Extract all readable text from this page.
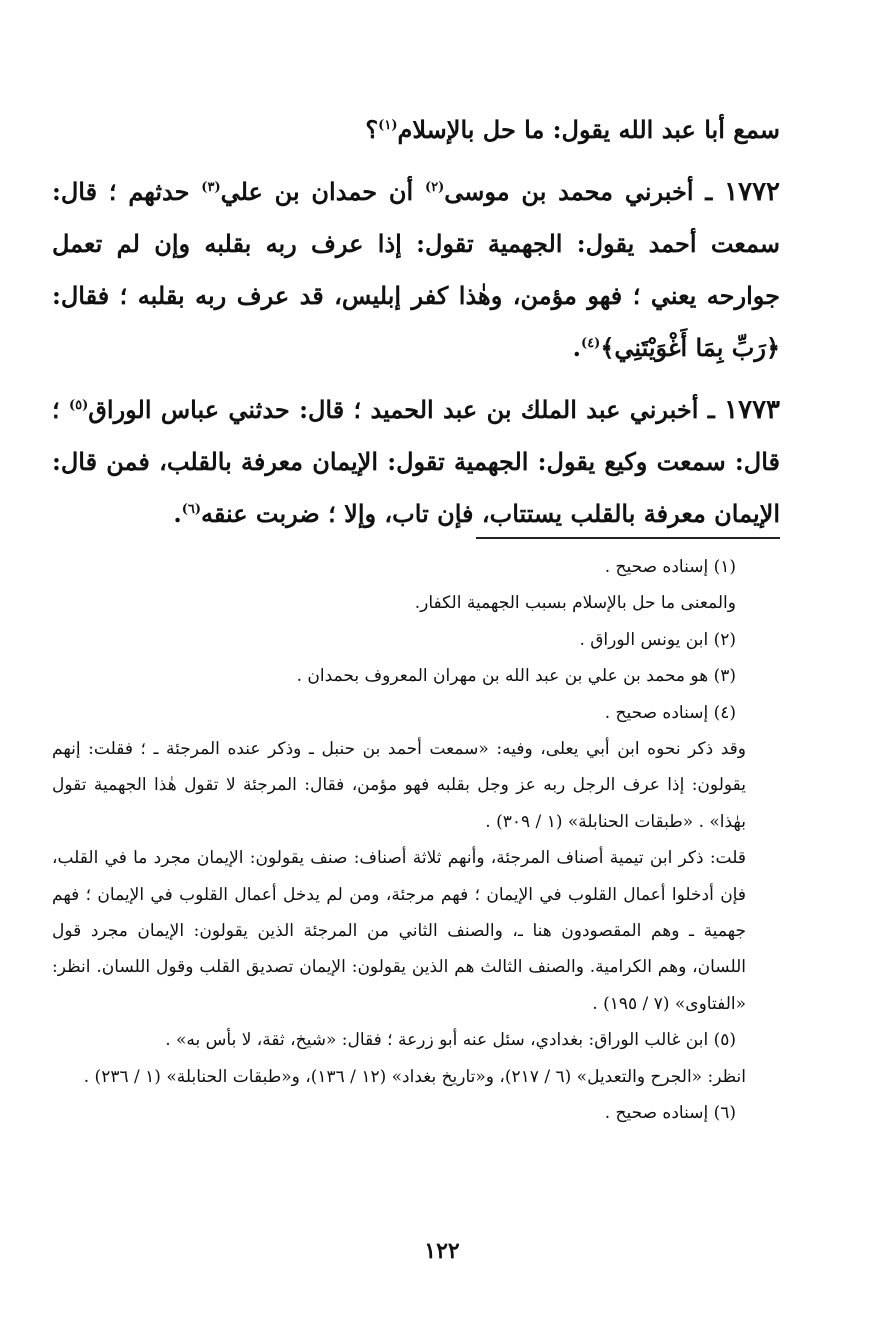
سمع أبا عبد الله يقول: ما حل بالإسلام$^{(١)}$؟

١٧٧٢ ـ أخبرني محمد بن موسى$^{(٢)}$ أن حمدان بن علي$^{(٣)}$ حدثهم ؛ قال: سمعت أحمد يقول: الجهمية تقول: إذا عرف ربه بقلبه وإن لم تعمل جوارحه يعني ؛ فهو مؤمن، وهٰذا كفر إبليس، قد عرف ربه بقلبه ؛ فقال: ﴿رَبِّ بِمَا أَغْوَيْتَنِي﴾$^{(٤)}$.

١٧٧٣ ـ أخبرني عبد الملك بن عبد الحميد ؛ قال: حدثني عباس الوراق$^{(٥)}$ ؛ قال: سمعت وكيع يقول: الجهمية تقول: الإيمان معرفة بالقلب، فمن قال: الإيمان معرفة بالقلب يستتاب، فإن تاب، وإلا ؛ ضربت عنقه$^{(٦)}$.

(١) إسناده صحيح .

والمعنى ما حل بالإسلام بسبب الجهمية الكفار.

(٢) ابن يونس الوراق .

(٣) هو محمد بن علي بن عبد الله بن مهران المعروف بحمدان .

(٤) إسناده صحيح .

وقد ذكر نحوه ابن أبي يعلى، وفيه: «سمعت أحمد بن حنبل ـ وذكر عنده المرجئة ـ ؛ فقلت: إنهم يقولون: إذا عرف الرجل ربه عز وجل بقلبه فهو مؤمن، فقال: المرجئة لا تقول هٰذا الجهمية تقول بهٰذا» . «طبقات الحنابلة» (١ / ٣٠٩) .

قلت: ذكر ابن تيمية أصناف المرجئة، وأنهم ثلاثة أصناف: صنف يقولون: الإيمان مجرد ما في القلب، فإن أدخلوا أعمال القلوب في الإيمان ؛ فهم مرجئة، ومن لم يدخل أعمال القلوب في الإيمان ؛ فهم جهمية ـ وهم المقصودون هنا ـ، والصنف الثاني من المرجئة الذين يقولون: الإيمان مجرد قول اللسان، وهم الكرامية. والصنف الثالث هم الذين يقولون: الإيمان تصديق القلب وقول اللسان. انظر: «الفتاوى» (٧ / ١٩٥) .

(٥) ابن غالب الوراق: بغدادي، سئل عنه أبو زرعة ؛ فقال: «شيخ، ثقة، لا بأس به» .

انظر: «الجرح والتعديل» (٦ / ٢١٧)، و«تاريخ بغداد» (١٢ / ١٣٦)، و«طبقات الحنابلة» (١ / ٢٣٦) .

(٦) إسناده صحيح .

١٢٢
